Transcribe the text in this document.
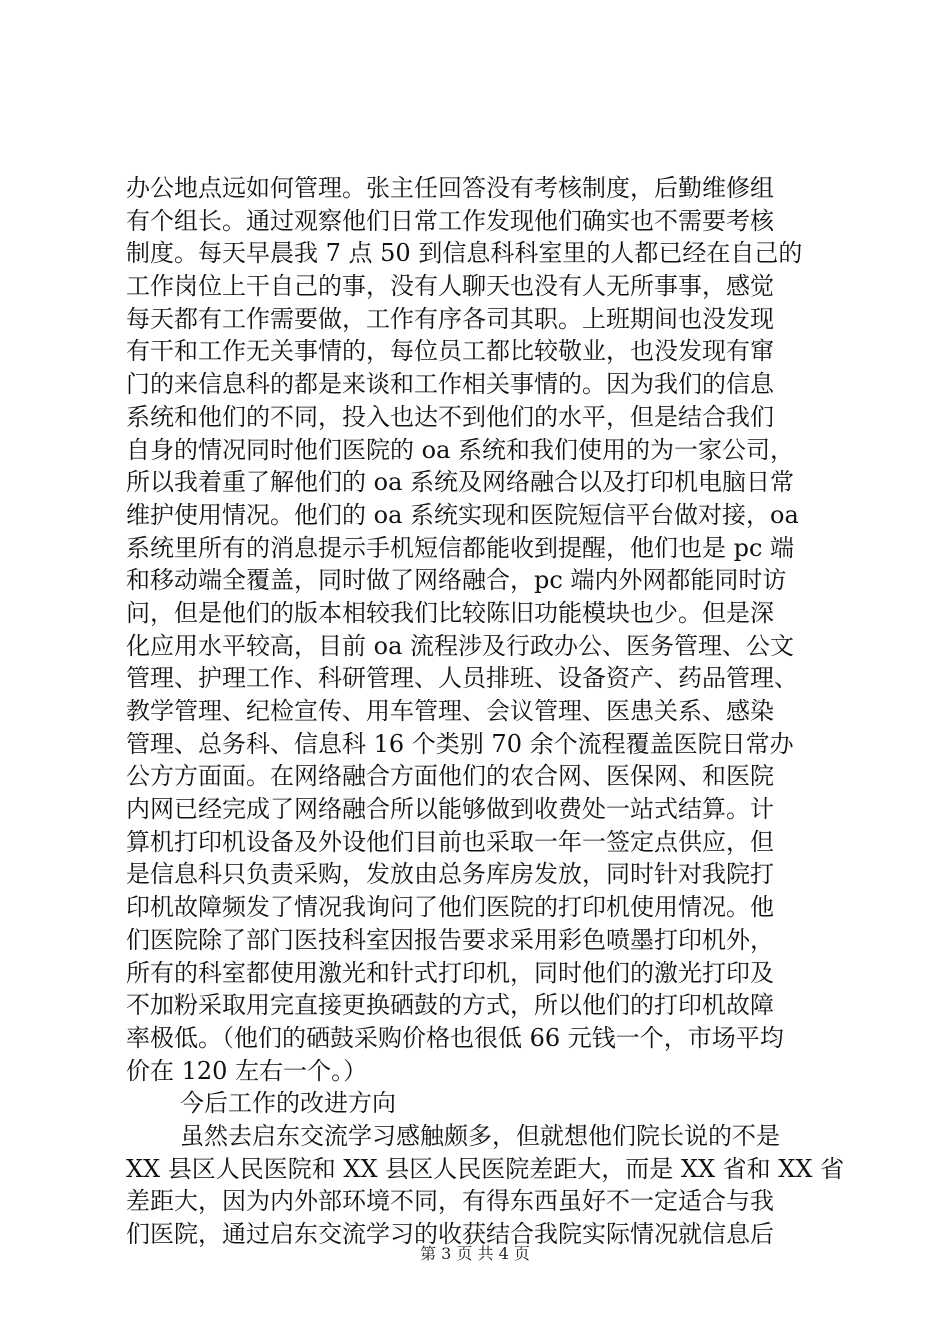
办公地点远如何管理。张主任回答没有考核制度，后勤维修组
有个组长。通过观察他们日常工作发现他们确实也不需要考核
制度。每天早晨我 7 点 50 到信息科科室里的人都已经在自己的
工作岗位上干自己的事，没有人聊天也没有人无所事事，感觉
每天都有工作需要做，工作有序各司其职。上班期间也没发现
有干和工作无关事情的，每位员工都比较敬业，也没发现有窜
门的来信息科的都是来谈和工作相关事情的。因为我们的信息
系统和他们的不同，投入也达不到他们的水平，但是结合我们
自身的情况同时他们医院的 oa 系统和我们使用的为一家公司，
所以我着重了解他们的 oa 系统及网络融合以及打印机电脑日常
维护使用情况。他们的 oa 系统实现和医院短信平台做对接，oa
系统里所有的消息提示手机短信都能收到提醒，他们也是 pc 端
和移动端全覆盖，同时做了网络融合，pc 端内外网都能同时访
问，但是他们的版本相较我们比较陈旧功能模块也少。但是深
化应用水平较高，目前 oa 流程涉及行政办公、医务管理、公文
管理、护理工作、科研管理、人员排班、设备资产、药品管理、
教学管理、纪检宣传、用车管理、会议管理、医患关系、感染
管理、总务科、信息科 16 个类别 70 余个流程覆盖医院日常办
公方方面面。在网络融合方面他们的农合网、医保网、和医院
内网已经完成了网络融合所以能够做到收费处一站式结算。计
算机打印机设备及外设他们目前也采取一年一签定点供应，但
是信息科只负责采购，发放由总务库房发放，同时针对我院打
印机故障频发了情况我询问了他们医院的打印机使用情况。他
们医院除了部门医技科室因报告要求采用彩色喷墨打印机外，
所有的科室都使用激光和针式打印机，同时他们的激光打印及
不加粉采取用完直接更换硒鼓的方式，所以他们的打印机故障
率极低。（他们的硒鼓采购价格也很低 66 元钱一个，市场平均
价在 120 左右一个。）
今后工作的改进方向
虽然去启东交流学习感触颇多，但就想他们院长说的不是
XX 县区人民医院和 XX 县区人民医院差距大，而是 XX 省和 XX 省
差距大，因为内外部环境不同，有得东西虽好不一定适合与我
们医院，通过启东交流学习的收获结合我院实际情况就信息后
第 3 页 共 4 页
